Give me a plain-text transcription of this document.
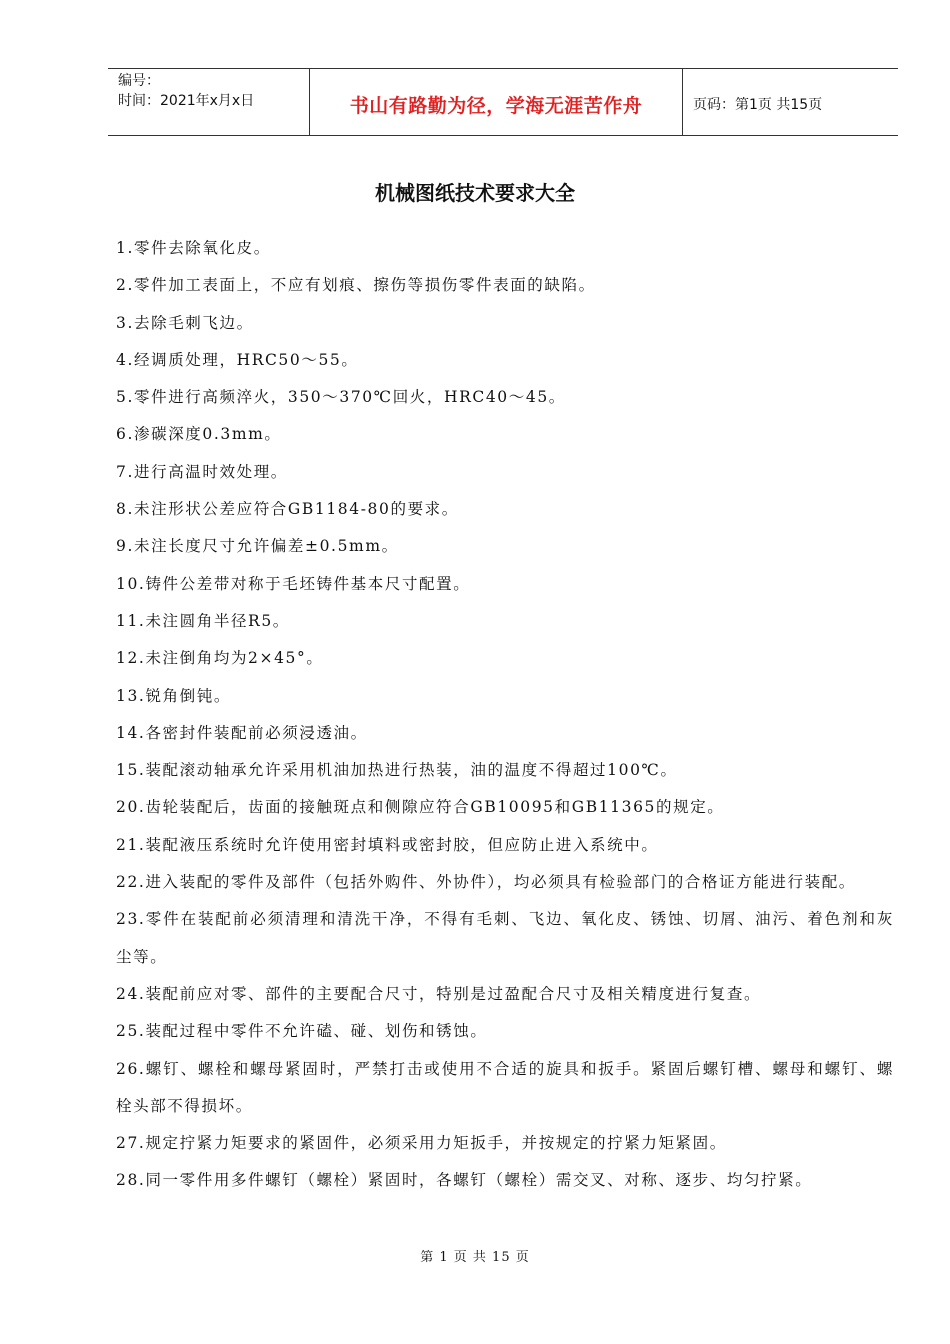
编号：
时间：2021年x月x日	书山有路勤为径，学海无涯苦作舟	页码：第1页 共15页
机械图纸技术要求大全
1.零件去除氧化皮。
2.零件加工表面上，不应有划痕、擦伤等损伤零件表面的缺陷。
3.去除毛刺飞边。
4.经调质处理，HRC50～55。
5.零件进行高频淬火，350～370℃回火，HRC40～45。
6.渗碳深度0.3mm。
7.进行高温时效处理。
8.未注形状公差应符合GB1184-80的要求。
9.未注长度尺寸允许偏差±0.5mm。
10.铸件公差带对称于毛坯铸件基本尺寸配置。
11.未注圆角半径R5。
12.未注倒角均为2×45°。
13.锐角倒钝。
14.各密封件装配前必须浸透油。
15.装配滚动轴承允许采用机油加热进行热装，油的温度不得超过100℃。
20.齿轮装配后，齿面的接触斑点和侧隙应符合GB10095和GB11365的规定。
21.装配液压系统时允许使用密封填料或密封胶，但应防止进入系统中。
22.进入装配的零件及部件（包括外购件、外协件），均必须具有检验部门的合格证方能进行装配。
23.零件在装配前必须清理和清洗干净，不得有毛刺、飞边、氧化皮、锈蚀、切屑、油污、着色剂和灰尘等。
24.装配前应对零、部件的主要配合尺寸，特别是过盈配合尺寸及相关精度进行复查。
25.装配过程中零件不允许磕、碰、划伤和锈蚀。
26.螺钉、螺栓和螺母紧固时，严禁打击或使用不合适的旋具和扳手。紧固后螺钉槽、螺母和螺钉、螺栓头部不得损坏。
27.规定拧紧力矩要求的紧固件，必须采用力矩扳手，并按规定的拧紧力矩紧固。
28.同一零件用多件螺钉（螺栓）紧固时，各螺钉（螺栓）需交叉、对称、逐步、均匀拧紧。
第 1 页 共 15 页
